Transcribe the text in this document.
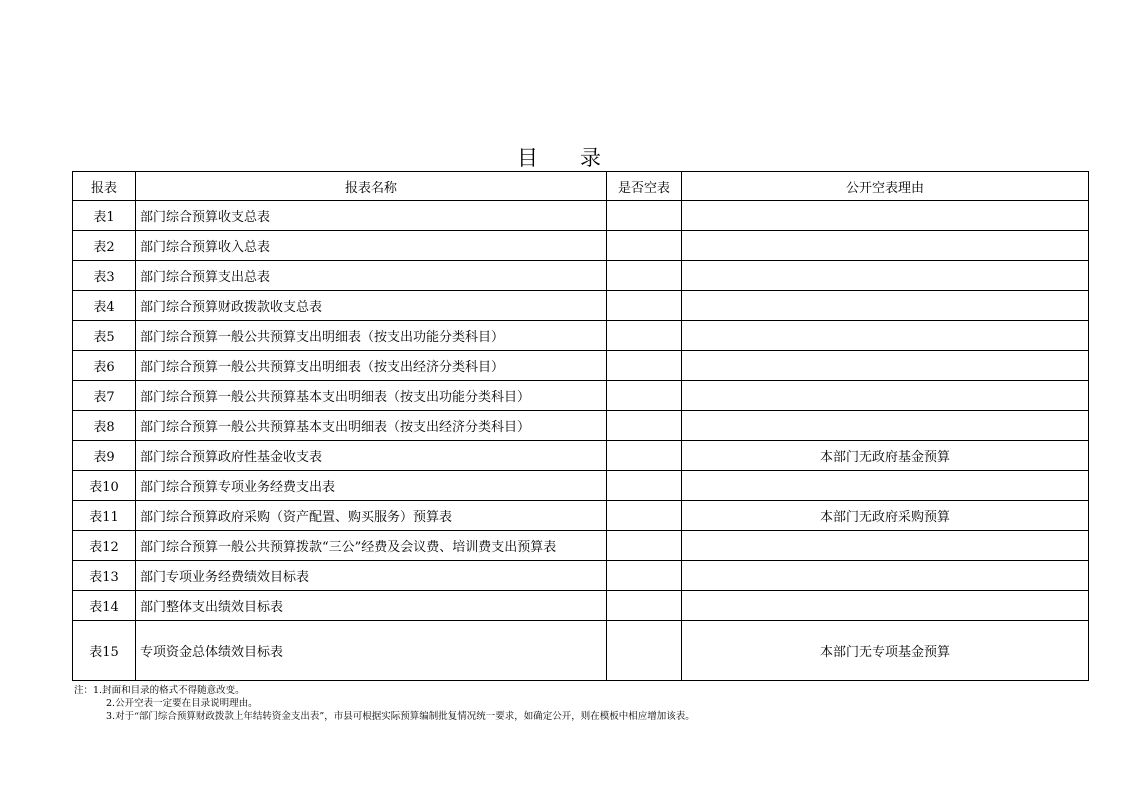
目录
报表	报表名称	是否空表	公开空表理由
表1	部门综合预算收支总表		
表2	部门综合预算收入总表		
表3	部门综合预算支出总表		
表4	部门综合预算财政拨款收支总表		
表5	部门综合预算一般公共预算支出明细表（按支出功能分类科目）		
表6	部门综合预算一般公共预算支出明细表（按支出经济分类科目）		
表7	部门综合预算一般公共预算基本支出明细表（按支出功能分类科目）		
表8	部门综合预算一般公共预算基本支出明细表（按支出经济分类科目）		
表9	部门综合预算政府性基金收支表		本部门无政府基金预算
表10	部门综合预算专项业务经费支出表		
表11	部门综合预算政府采购（资产配置、购买服务）预算表		本部门无政府采购预算
表12	部门综合预算一般公共预算拨款“三公”经费及会议费、培训费支出预算表		
表13	部门专项业务经费绩效目标表		
表14	部门整体支出绩效目标表		
表15	专项资金总体绩效目标表		本部门无专项基金预算
注：1.封面和目录的格式不得随意改变。
2.公开空表一定要在目录说明理由。
3.对于“部门综合预算财政拨款上年结转资金支出表”，市县可根据实际预算编制批复情况统一要求，如确定公开，则在模板中相应增加该表。
